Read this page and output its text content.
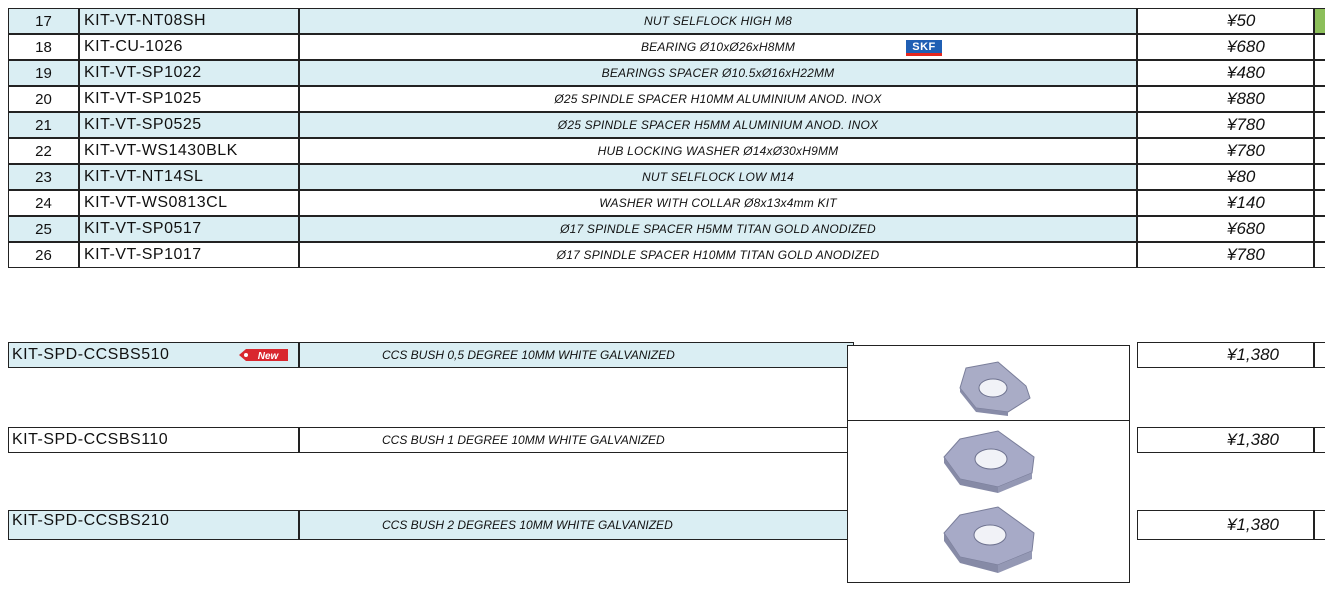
17	KIT-VT-NT08SH	NUT SELFLOCK HIGH M8	¥50
18	KIT-CU-1026	BEARING Ø10xØ26xH8MM	SKF	¥680
19	KIT-VT-SP1022	BEARINGS SPACER Ø10.5xØ16xH22MM	¥480
20	KIT-VT-SP1025	Ø25 SPINDLE SPACER H10MM ALUMINIUM ANOD. INOX	¥880
21	KIT-VT-SP0525	Ø25 SPINDLE SPACER H5MM ALUMINIUM ANOD. INOX	¥780
22	KIT-VT-WS1430BLK	HUB LOCKING WASHER Ø14xØ30xH9MM	¥780
23	KIT-VT-NT14SL	NUT SELFLOCK LOW M14	¥80
24	KIT-VT-WS0813CL	WASHER WITH COLLAR Ø8x13x4mm KIT	¥140
25	KIT-VT-SP0517	Ø17 SPINDLE SPACER H5MM TITAN GOLD ANODIZED	¥680
26	KIT-VT-SP1017	Ø17 SPINDLE SPACER H10MM TITAN GOLD ANODIZED	¥780
KIT-SPD-CCSBS510	New	CCS BUSH 0,5 DEGREE 10MM WHITE GALVANIZED	¥1,380
KIT-SPD-CCSBS110	CCS BUSH 1 DEGREE 10MM WHITE GALVANIZED	¥1,380
KIT-SPD-CCSBS210	CCS BUSH 2 DEGREES 10MM WHITE GALVANIZED	¥1,380
